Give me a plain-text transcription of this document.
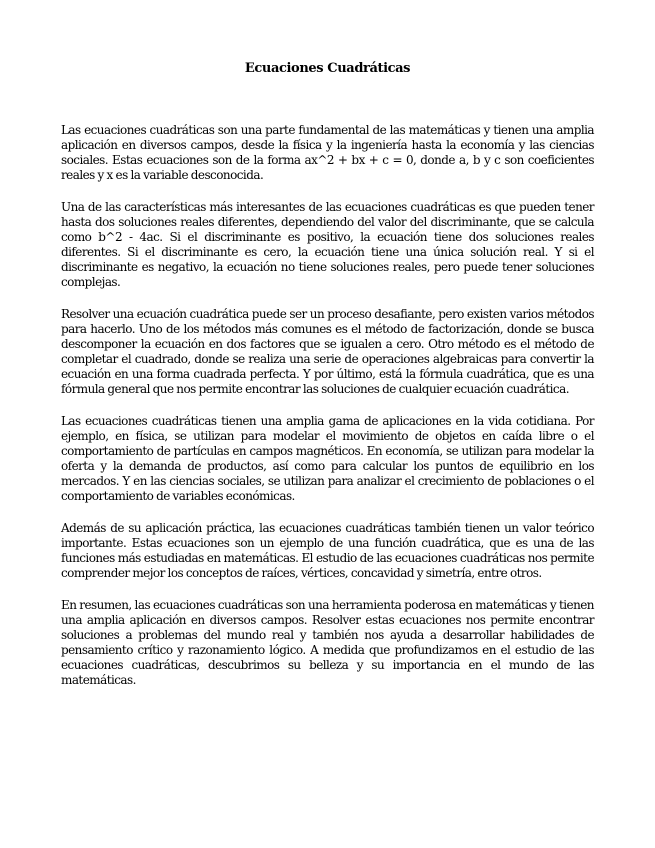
Ecuaciones Cuadráticas

Las ecuaciones cuadráticas son una parte fundamental de las matemáticas y tienen una amplia aplicación en diversos campos, desde la física y la ingeniería hasta la economía y las ciencias sociales. Estas ecuaciones son de la forma ax^2 + bx + c = 0, donde a, b y c son coeficientes reales y x es la variable desconocida.

Una de las características más interesantes de las ecuaciones cuadráticas es que pueden tener hasta dos soluciones reales diferentes, dependiendo del valor del discriminante, que se calcula como b^2 - 4ac. Si el discriminante es positivo, la ecuación tiene dos soluciones reales diferentes. Si el discriminante es cero, la ecuación tiene una única solución real. Y si el discriminante es negativo, la ecuación no tiene soluciones reales, pero puede tener soluciones complejas.

Resolver una ecuación cuadrática puede ser un proceso desafiante, pero existen varios métodos para hacerlo. Uno de los métodos más comunes es el método de factorización, donde se busca descomponer la ecuación en dos factores que se igualen a cero. Otro método es el método de completar el cuadrado, donde se realiza una serie de operaciones algebraicas para convertir la ecuación en una forma cuadrada perfecta. Y por último, está la fórmula cuadrática, que es una fórmula general que nos permite encontrar las soluciones de cualquier ecuación cuadrática.

Las ecuaciones cuadráticas tienen una amplia gama de aplicaciones en la vida cotidiana. Por ejemplo, en física, se utilizan para modelar el movimiento de objetos en caída libre o el comportamiento de partículas en campos magnéticos. En economía, se utilizan para modelar la oferta y la demanda de productos, así como para calcular los puntos de equilibrio en los mercados. Y en las ciencias sociales, se utilizan para analizar el crecimiento de poblaciones o el comportamiento de variables económicas.

Además de su aplicación práctica, las ecuaciones cuadráticas también tienen un valor teórico importante. Estas ecuaciones son un ejemplo de una función cuadrática, que es una de las funciones más estudiadas en matemáticas. El estudio de las ecuaciones cuadráticas nos permite comprender mejor los conceptos de raíces, vértices, concavidad y simetría, entre otros.

En resumen, las ecuaciones cuadráticas son una herramienta poderosa en matemáticas y tienen una amplia aplicación en diversos campos. Resolver estas ecuaciones nos permite encontrar soluciones a problemas del mundo real y también nos ayuda a desarrollar habilidades de pensamiento crítico y razonamiento lógico. A medida que profundizamos en el estudio de las ecuaciones cuadráticas, descubrimos su belleza y su importancia en el mundo de las matemáticas.
